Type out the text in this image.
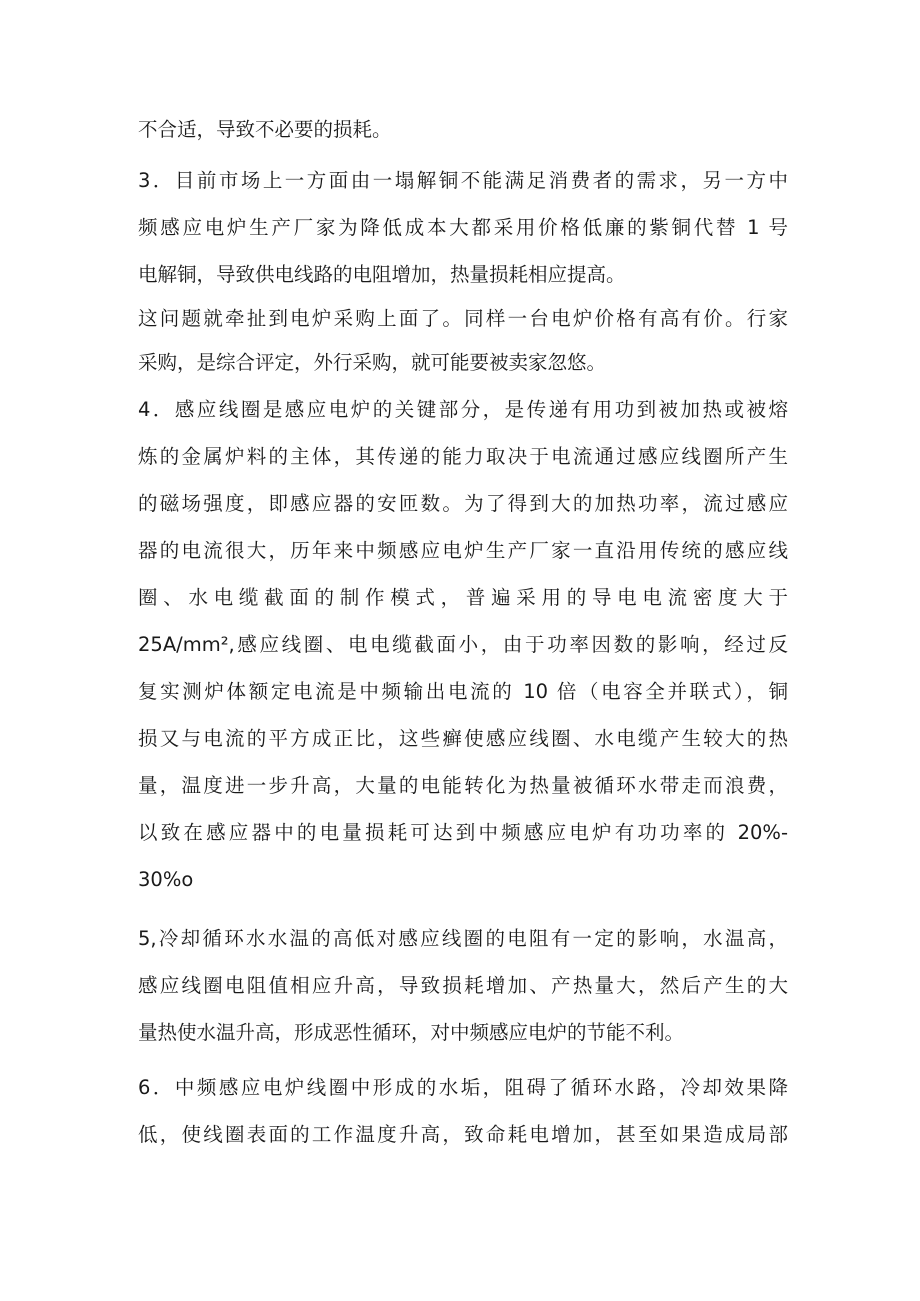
不合适，导致不必要的损耗。
3．目前市场上一方面由一塌解铜不能满足消费者的需求，另一方中
频感应电炉生产厂家为降低成本大都采用价格低廉的紫铜代替 1 号
电解铜，导致供电线路的电阻增加，热量损耗相应提高。
这问题就牵扯到电炉采购上面了。同样一台电炉价格有高有价。行家
采购，是综合评定，外行采购，就可能要被卖家忽悠。
4．感应线圈是感应电炉的关键部分，是传递有用功到被加热或被熔
炼的金属炉料的主体，其传递的能力取决于电流通过感应线圈所产生
的磁场强度，即感应器的安匝数。为了得到大的加热功率，流过感应
器的电流很大，历年来中频感应电炉生产厂家一直沿用传统的感应线
圈、水电缆截面的制作模式，普遍采用的导电电流密度大于
25A/mm²,感应线圈、电电缆截面小，由于功率因数的影响，经过反
复实测炉体额定电流是中频输出电流的 10 倍（电容全并联式），铜
损又与电流的平方成正比，这些癣使感应线圈、水电缆产生较大的热
量，温度进一步升高，大量的电能转化为热量被循环水带走而浪费，
以致在感应器中的电量损耗可达到中频感应电炉有功功率的 20%-
30%o
5,冷却循环水水温的高低对感应线圈的电阻有一定的影响，水温高，
感应线圈电阻值相应升高，导致损耗增加、产热量大，然后产生的大
量热使水温升高，形成恶性循环，对中频感应电炉的节能不利。
6．中频感应电炉线圈中形成的水垢，阻碍了循环水路，冷却效果降
低，使线圈表面的工作温度升高，致命耗电增加，甚至如果造成局部
